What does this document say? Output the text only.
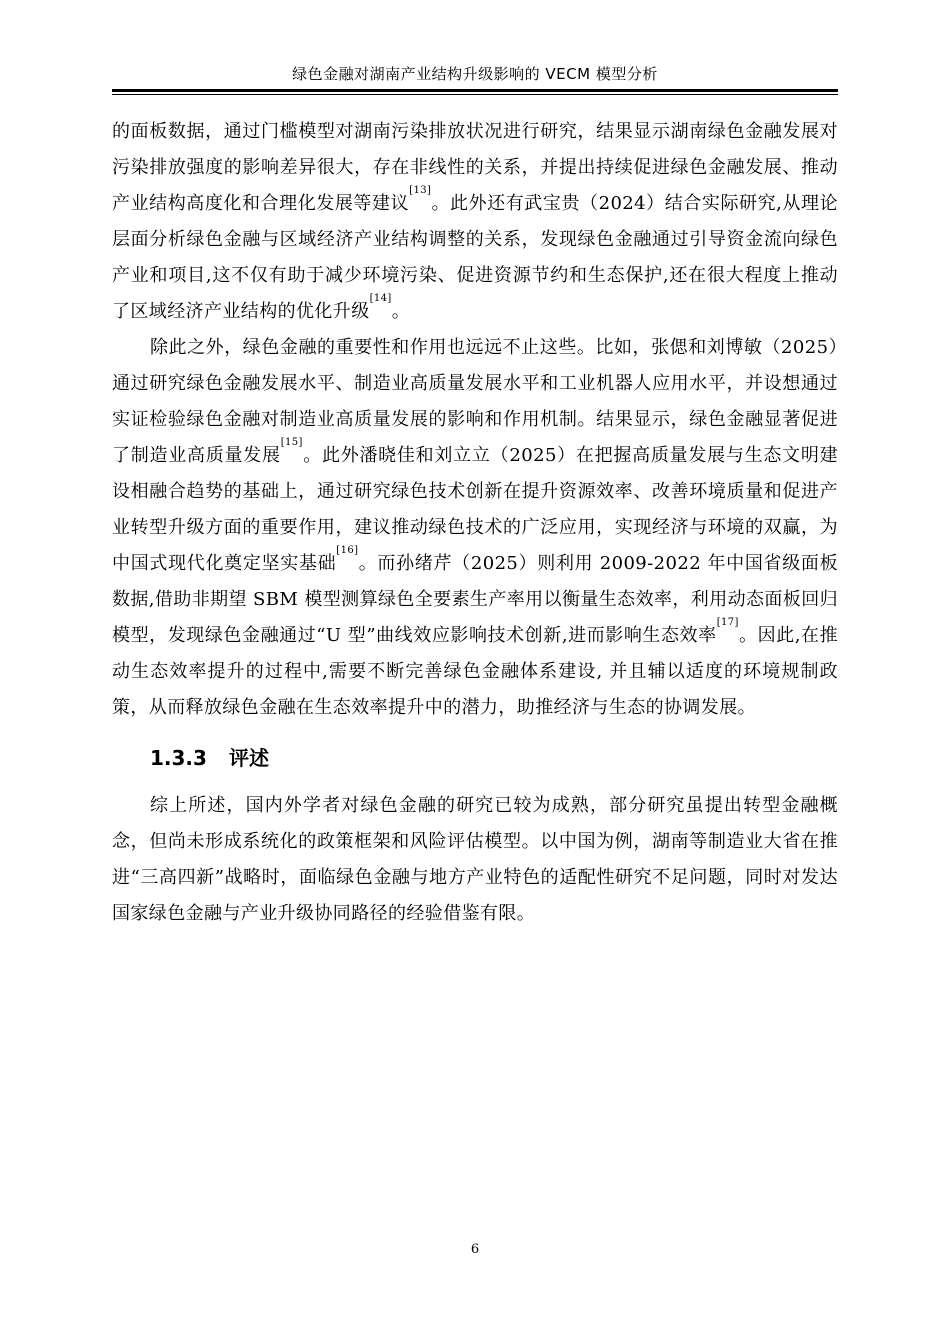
绿色金融对湖南产业结构升级影响的 VECM 模型分析

的面板数据，通过门槛模型对湖南污染排放状况进行研究，结果显示湖南绿色金融发展对污染排放强度的影响差异很大，存在非线性的关系，并提出持续促进绿色金融发展、推动产业结构高度化和合理化发展等建议[13]。此外还有武宝贵（2024）结合实际研究,从理论层面分析绿色金融与区域经济产业结构调整的关系，发现绿色金融通过引导资金流向绿色产业和项目,这不仅有助于减少环境污染、促进资源节约和生态保护,还在很大程度上推动了区域经济产业结构的优化升级[14]。

除此之外，绿色金融的重要性和作用也远远不止这些。比如，张偲和刘博敏（2025）通过研究绿色金融发展水平、制造业高质量发展水平和工业机器人应用水平，并设想通过实证检验绿色金融对制造业高质量发展的影响和作用机制。结果显示，绿色金融显著促进了制造业高质量发展[15]。此外潘晓佳和刘立立（2025）在把握高质量发展与生态文明建设相融合趋势的基础上，通过研究绿色技术创新在提升资源效率、改善环境质量和促进产业转型升级方面的重要作用，建议推动绿色技术的广泛应用，实现经济与环境的双赢，为中国式现代化奠定坚实基础[16]。而孙绪芹（2025）则利用 2009-2022 年中国省级面板数据,借助非期望 SBM 模型测算绿色全要素生产率用以衡量生态效率，利用动态面板回归模型，发现绿色金融通过“U 型”曲线效应影响技术创新,进而影响生态效率[17]。因此,在推动生态效率提升的过程中,需要不断完善绿色金融体系建设, 并且辅以适度的环境规制政策，从而释放绿色金融在生态效率提升中的潜力，助推经济与生态的协调发展。

1.3.3 评述

综上所述，国内外学者对绿色金融的研究已较为成熟，部分研究虽提出转型金融概念，但尚未形成系统化的政策框架和风险评估模型。以中国为例，湖南等制造业大省在推进“三高四新”战略时，面临绿色金融与地方产业特色的适配性研究不足问题，同时对发达国家绿色金融与产业升级协同路径的经验借鉴有限。

6
